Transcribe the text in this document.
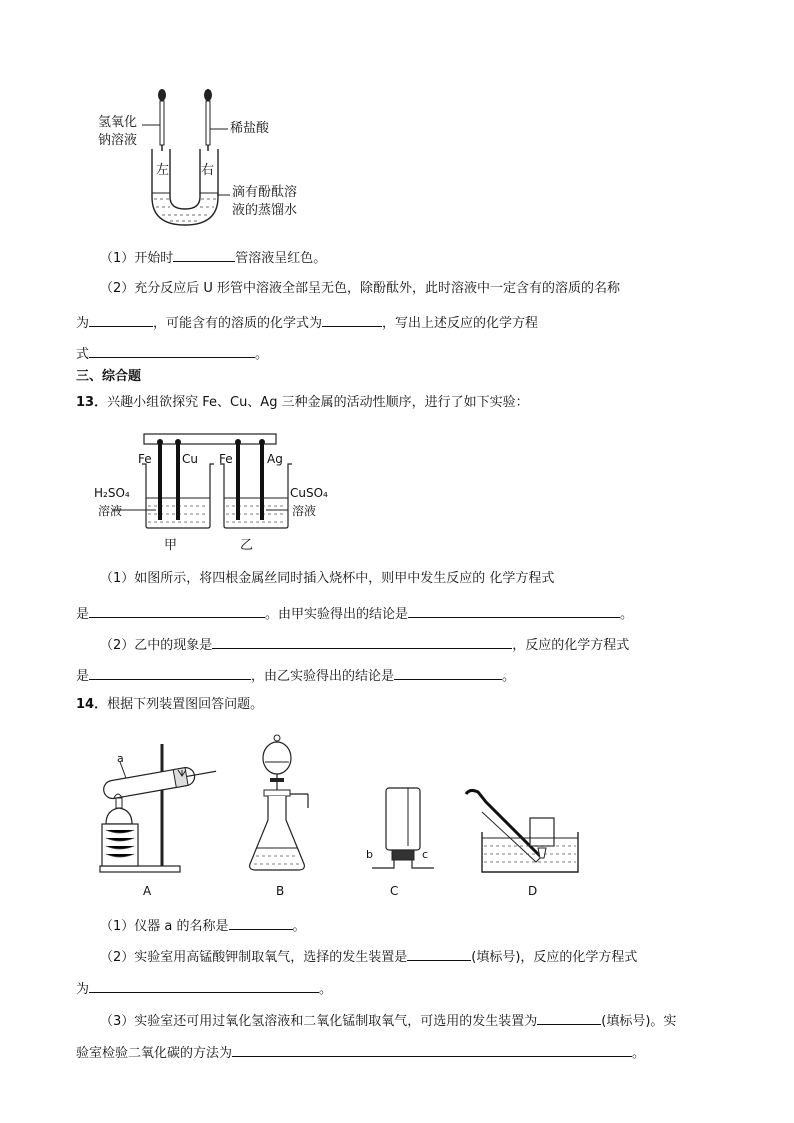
氢氧化
钠溶液
稀盐酸
左 右
滴有酚酞溶
液的蒸馏水
（1）开始时	管溶液呈红色。
（2）充分反应后 U 形管中溶液全部呈无色，除酚酞外，此时溶液中一定含有的溶质的名称
为	，可能含有的溶质的化学式为	，写出上述反应的化学方程
式	。
三、综合题
13．兴趣小组欲探究 Fe、Cu、Ag 三种金属的活动性顺序，进行了如下实验：
Fe	Cu Fe	Ag
H₂SO₄
溶液
CuSO₄
溶液
甲	乙
（1）如图所示，将四根金属丝同时插入烧杯中，则甲中发生反应的 化学方程式
是	。由甲实验得出的结论是	。
（2）乙中的现象是	，反应的化学方程式
是	，由乙实验得出的结论是	。
14．根据下列装置图回答问题。
a
A	B
b	c
C	D
（1）仪器 a 的名称是	。
（2）实验室用高锰酸钾制取氧气，选择的发生装置是	(填标号)，反应的化学方程式
为	。
（3）实验室还可用过氧化氢溶液和二氧化锰制取氧气，可选用的发生装置为	(填标号)。实
验室检验二氧化碳的方法为	。
